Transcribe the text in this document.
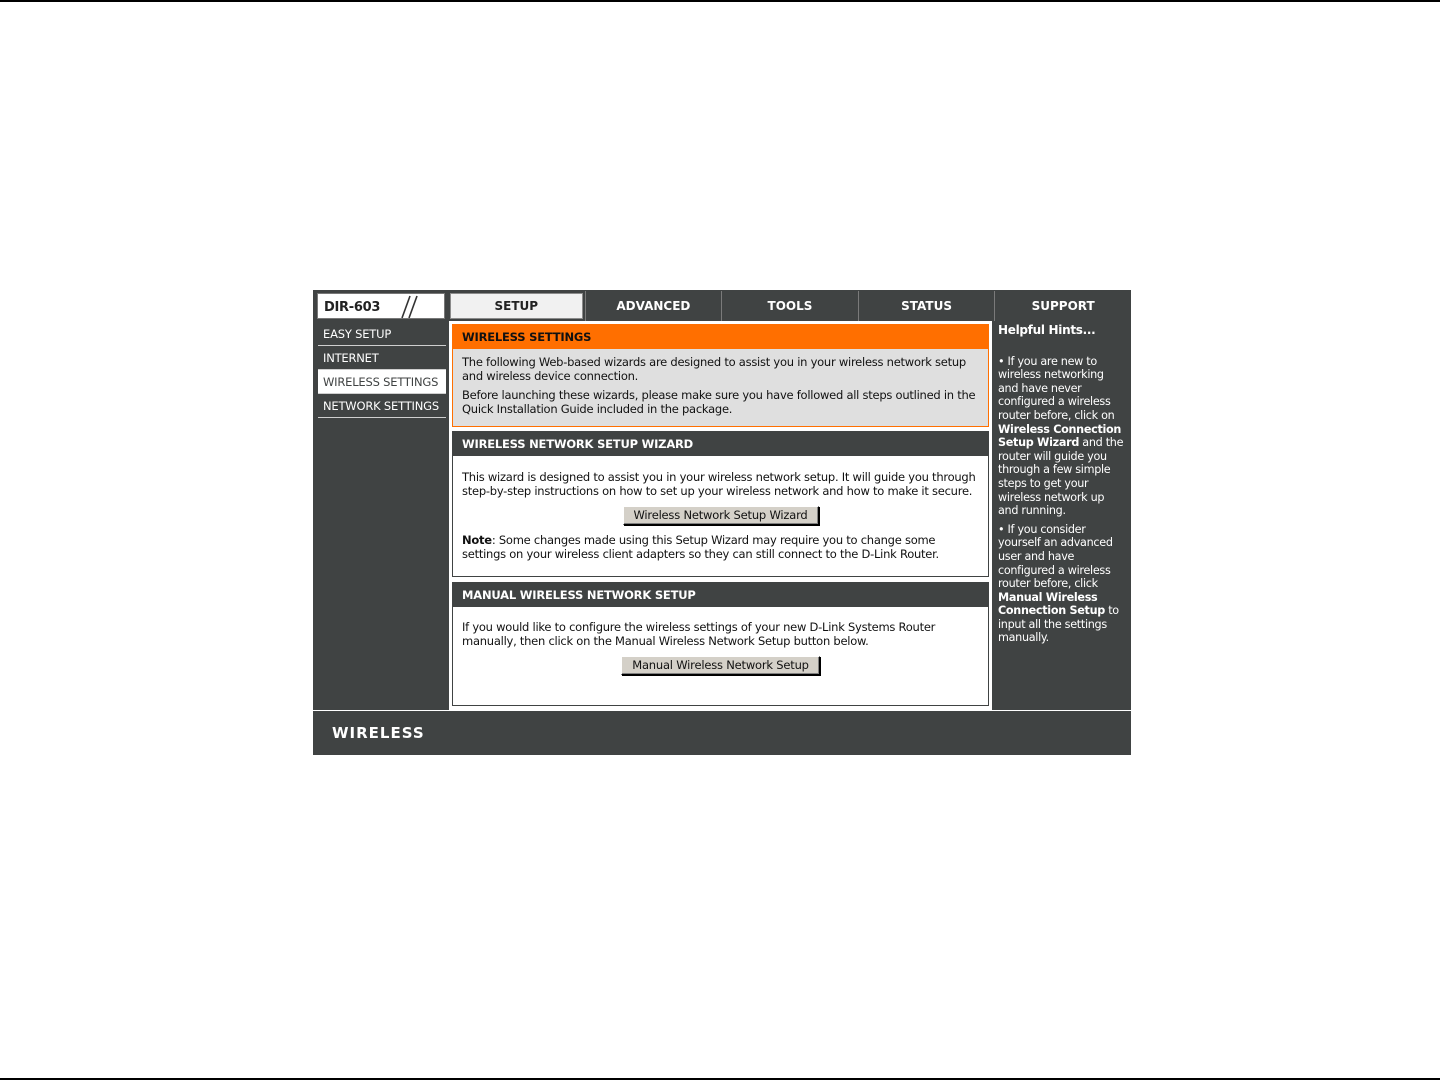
DIR-603	SETUP	ADVANCED	TOOLS	STATUS	SUPPORT
EASY SETUP
INTERNET
WIRELESS SETTINGS
NETWORK SETTINGS
WIRELESS SETTINGS

The following Web-based wizards are designed to assist you in your wireless network setup and wireless device connection.

Before launching these wizards, please make sure you have followed all steps outlined in the Quick Installation Guide included in the package.

WIRELESS NETWORK SETUP WIZARD

This wizard is designed to assist you in your wireless network setup. It will guide you through step-by-step instructions on how to set up your wireless network and how to make it secure.

Wireless Network Setup Wizard

Note: Some changes made using this Setup Wizard may require you to change some settings on your wireless client adapters so they can still connect to the D-Link Router.

MANUAL WIRELESS NETWORK SETUP

If you would like to configure the wireless settings of your new D-Link Systems Router manually, then click on the Manual Wireless Network Setup button below.

Manual Wireless Network Setup
Helpful Hints...
• If you are new to wireless networking and have never configured a wireless router before, click on Wireless Connection Setup Wizard and the router will guide you through a few simple steps to get your wireless network up and running.
• If you consider yourself an advanced user and have configured a wireless router before, click Manual Wireless Connection Setup to input all the settings manually.
WIRELESS
